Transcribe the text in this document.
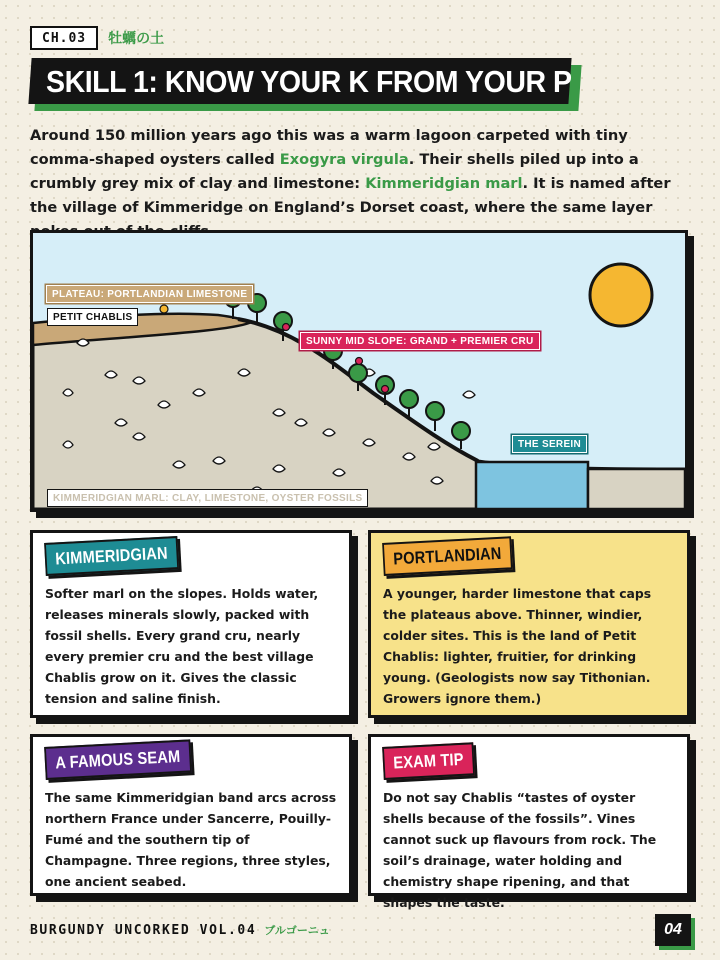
CH.03	牡蠣の土
SKILL 1: KNOW YOUR K FROM YOUR P

Around 150 million years ago this was a warm lagoon carpeted with tiny comma-shaped oysters called Exogyra virgula. Their shells piled up into a crumbly grey mix of clay and limestone: Kimmeridgian marl. It is named after the village of Kimmeridge on England’s Dorset coast, where the same layer

PLATEAU: PORTLANDIAN LIMESTONE
PETIT CHABLIS
SUNNY MID SLOPE: GRAND + PREMIER CRU
THE SEREIN
KIMMERIDGIAN MARL: CLAY, LIMESTONE, OYSTER FOSSILS
KIMMERIDGIAN
Softer marl on the slopes. Holds water, releases minerals slowly, packed with fossil shells. Every grand cru, nearly every premier cru and the best village Chablis grow on it. Gives the classic tension and saline finish.
PORTLANDIAN
A younger, harder limestone that caps the plateaus above. Thinner, windier, colder sites. This is the land of Petit Chablis: lighter, fruitier, for drinking young. (Geologists now say Tithonian. Growers ignore them.)
A FAMOUS SEAM
The same Kimmeridgian band arcs across northern France under Sancerre, Pouilly-Fumé and the southern tip of Champagne. Three regions, three styles, one ancient seabed.
EXAM TIP
Do not say Chablis “tastes of oyster shells because of the fossils”. Vines cannot suck up flavours from rock. The soil’s drainage, water holding and chemistry shape ripening, and that shapes the taste.
BURGUNDY UNCORKED VOL.04 ブルゴーニュ	04
